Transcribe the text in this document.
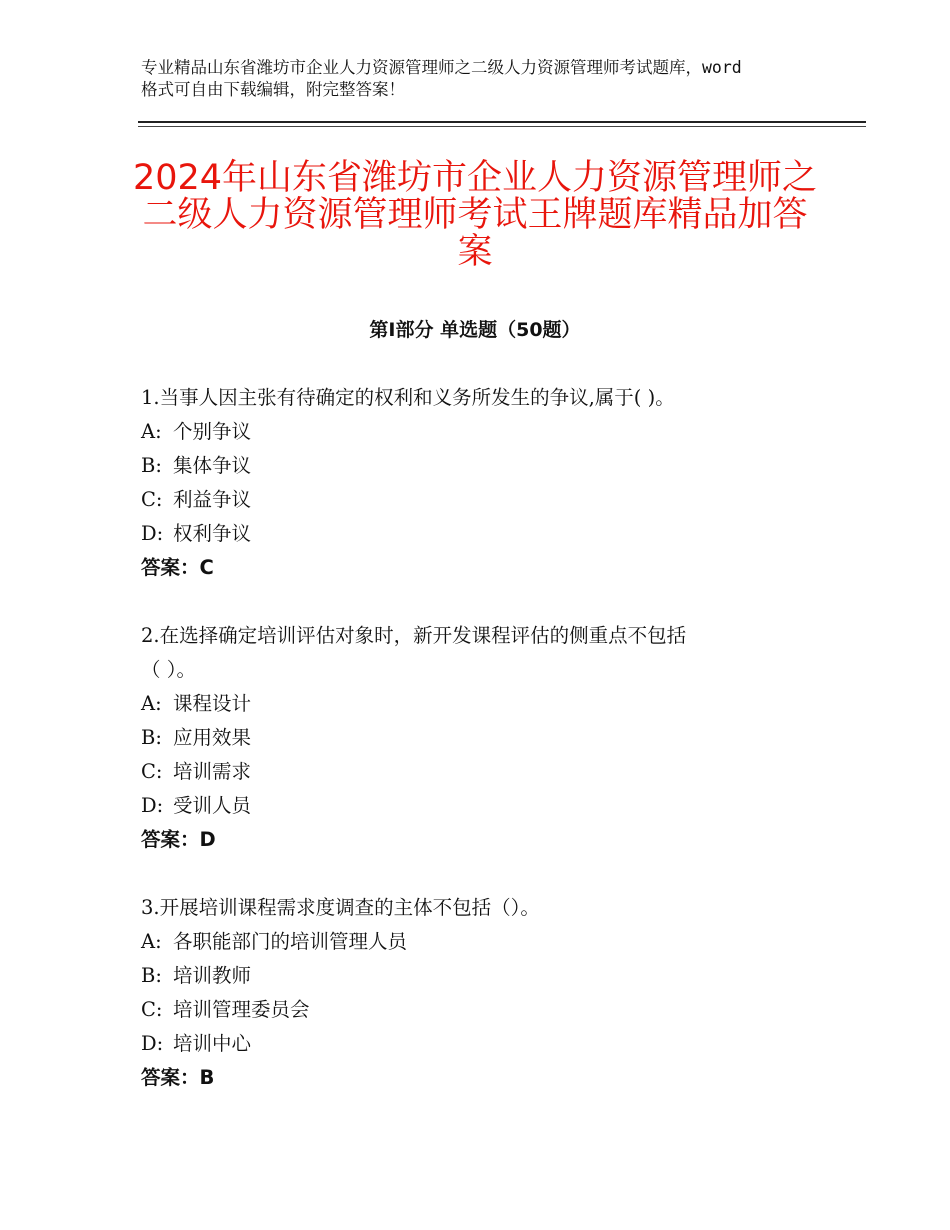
专业精品山东省潍坊市企业人力资源管理师之二级人力资源管理师考试题库，word
格式可自由下载编辑，附完整答案！
2024年山东省潍坊市企业人力资源管理师之
二级人力资源管理师考试王牌题库精品加答
案
第Ⅰ部分 单选题（50题）

1.当事人因主张有待确定的权利和义务所发生的争议,属于( )。

A: 个别争议
B: 集体争议
C: 利益争议
D: 权利争议
答案：C

2.在选择确定培训评估对象时，新开发课程评估的侧重点不包括

（ ）。

A: 课程设计
B: 应用效果
C: 培训需求
D: 受训人员
答案：D

3.开展培训课程需求度调查的主体不包括（）。

A: 各职能部门的培训管理人员
B: 培训教师
C: 培训管理委员会
D: 培训中心
答案：B
